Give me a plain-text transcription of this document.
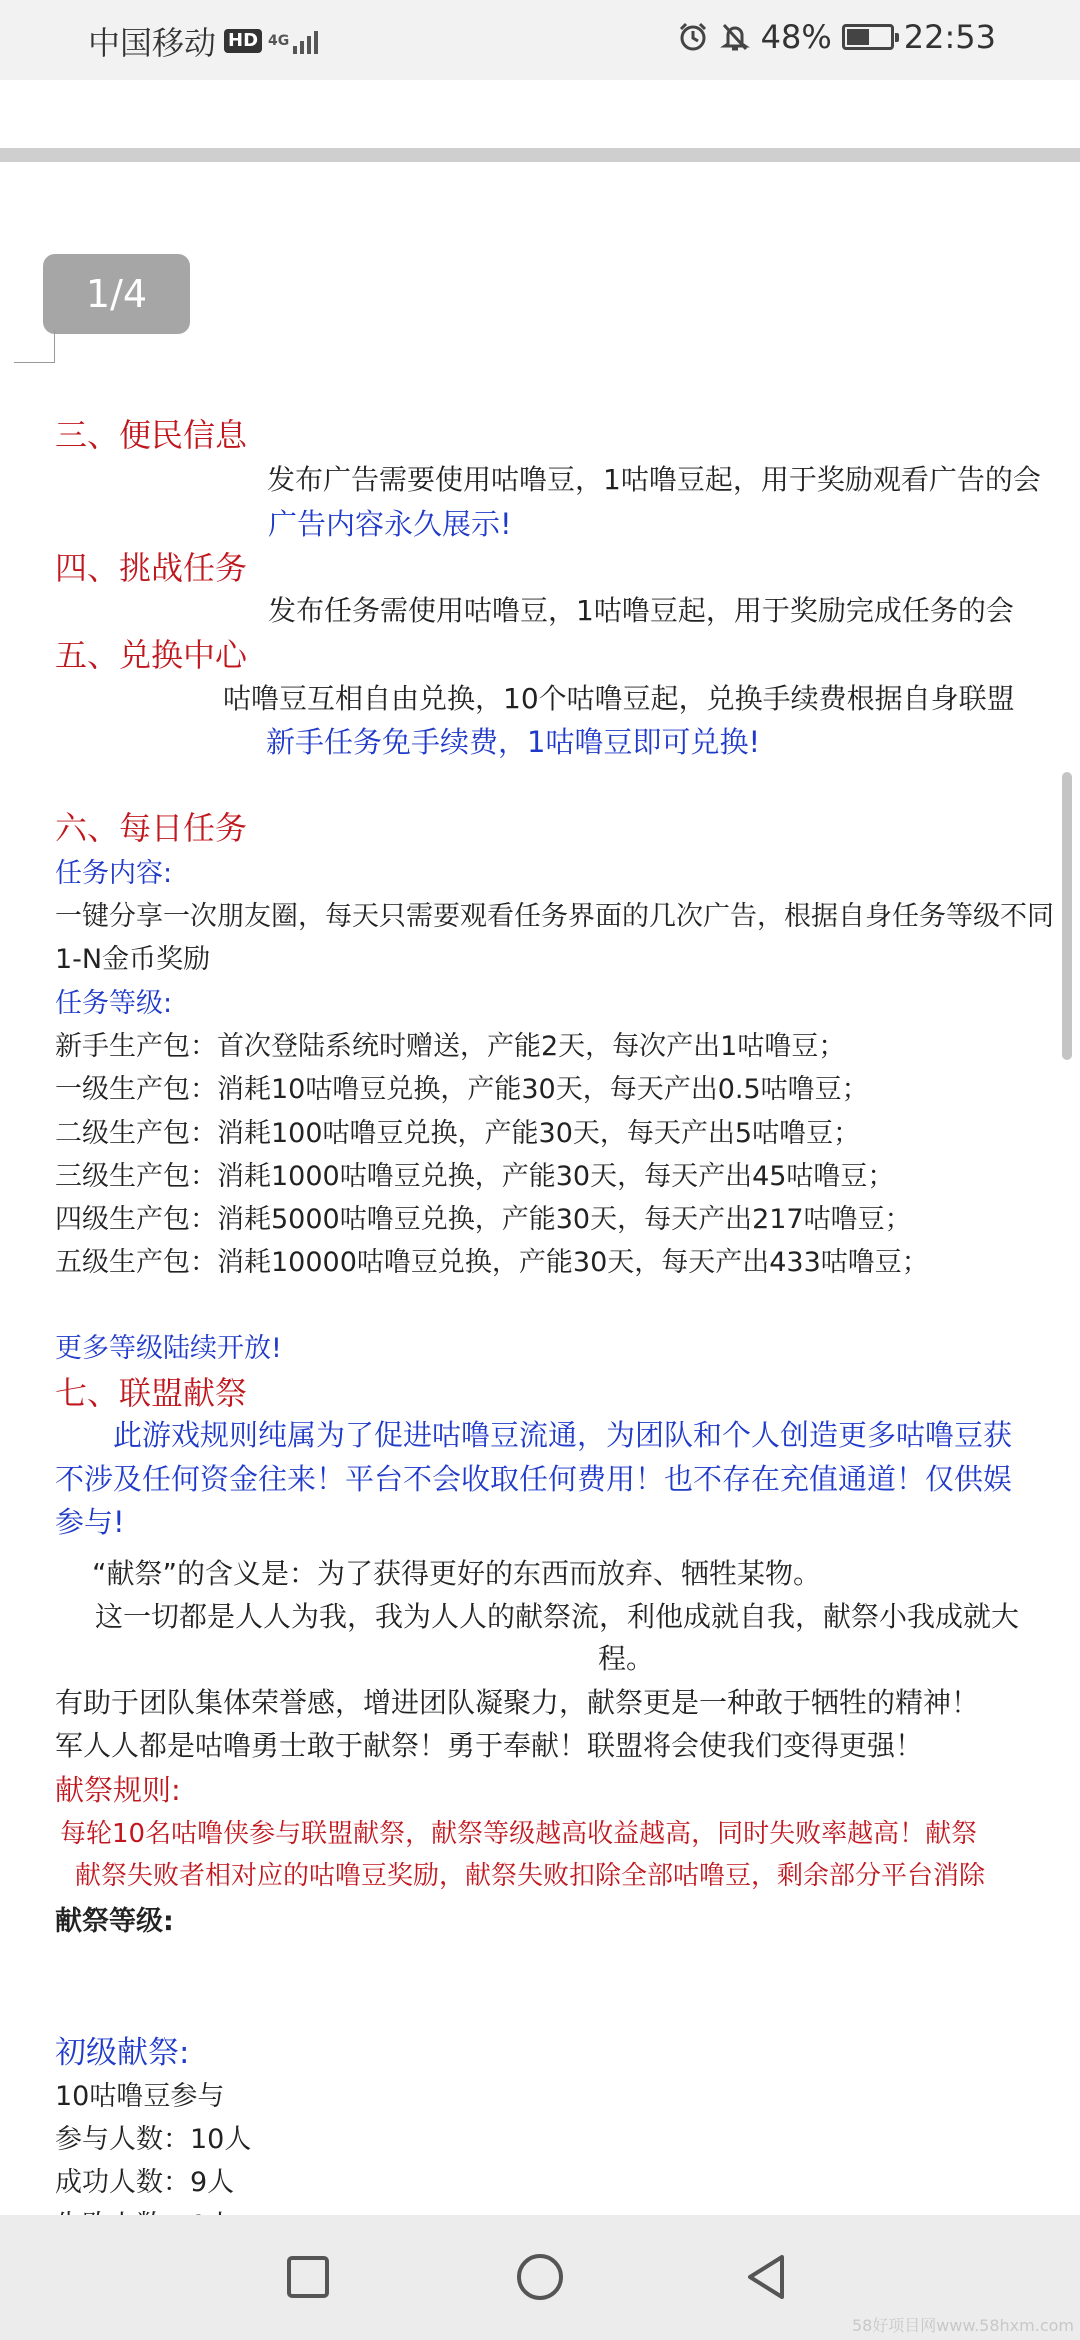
中国移动 HD 4G	48% 22:53
1/4
三、便民信息
发布广告需要使用咕噜豆，1咕噜豆起，用于奖励观看广告的会
广告内容永久展示!
四、挑战任务
发布任务需使用咕噜豆，1咕噜豆起，用于奖励完成任务的会
五、兑换中心
咕噜豆互相自由兑换，10个咕噜豆起，兑换手续费根据自身联盟
新手任务免手续费，1咕噜豆即可兑换!
六、每日任务
任务内容:
一键分享一次朋友圈，每天只需要观看任务界面的几次广告，根据自身任务等级不同
1-N金币奖励
任务等级:
新手生产包：首次登陆系统时赠送，产能2天，每次产出1咕噜豆；
一级生产包：消耗10咕噜豆兑换，产能30天，每天产出0.5咕噜豆；
二级生产包：消耗100咕噜豆兑换，产能30天，每天产出5咕噜豆；
三级生产包：消耗1000咕噜豆兑换，产能30天，每天产出45咕噜豆；
四级生产包：消耗5000咕噜豆兑换，产能30天，每天产出217咕噜豆；
五级生产包：消耗10000咕噜豆兑换，产能30天，每天产出433咕噜豆；
更多等级陆续开放!
七、联盟献祭
此游戏规则纯属为了促进咕噜豆流通，为团队和个人创造更多咕噜豆获
不涉及任何资金往来！平台不会收取任何费用！也不存在充值通道！仅供娱
参与!
“献祭”的含义是：为了获得更好的东西而放弃、牺牲某物。
这一切都是人人为我，我为人人的献祭流，利他成就自我，献祭小我成就大
程。
有助于团队集体荣誉感，增进团队凝聚力，献祭更是一种敢于牺牲的精神！
军人人都是咕噜勇士敢于献祭！勇于奉献！联盟将会使我们变得更强！
献祭规则:
每轮10名咕噜侠参与联盟献祭，献祭等级越高收益越高，同时失败率越高！献祭
献祭失败者相对应的咕噜豆奖励，献祭失败扣除全部咕噜豆，剩余部分平台消除
献祭等级:
初级献祭:
10咕噜豆参与
参与人数：10人
成功人数：9人
58好项目网www.58hxm.com
